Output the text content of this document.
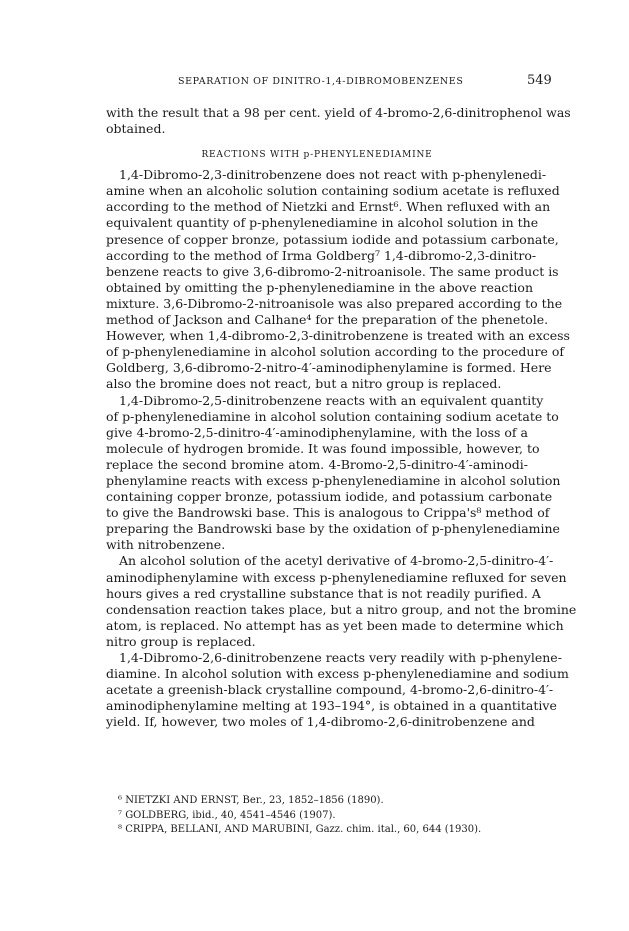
SEPARATION OF DINITRO-1,4-DIBROMOBENZENES	549
with the result that a 98 per cent. yield of 4-bromo-2,6-dinitrophenol was
obtained.
REACTIONS WITH p-PHENYLENEDIAMINE
1,4-Dibromo-2,3-dinitrobenzene does not react with p-phenylenedi-
amine when an alcoholic solution containing sodium acetate is refluxed
according to the method of Nietzki and Ernst⁶. When refluxed with an
equivalent quantity of p-phenylenediamine in alcohol solution in the
presence of copper bronze, potassium iodide and potassium carbonate,
according to the method of Irma Goldberg⁷ 1,4-dibromo-2,3-dinitro-
benzene reacts to give 3,6-dibromo-2-nitroanisole. The same product is
obtained by omitting the p-phenylenediamine in the above reaction
mixture. 3,6-Dibromo-2-nitroanisole was also prepared according to the
method of Jackson and Calhane⁴ for the preparation of the phenetole.
However, when 1,4-dibromo-2,3-dinitrobenzene is treated with an excess
of p-phenylenediamine in alcohol solution according to the procedure of
Goldberg, 3,6-dibromo-2-nitro-4′-aminodiphenylamine is formed. Here
also the bromine does not react, but a nitro group is replaced.
1,4-Dibromo-2,5-dinitrobenzene reacts with an equivalent quantity
of p-phenylenediamine in alcohol solution containing sodium acetate to
give 4-bromo-2,5-dinitro-4′-aminodiphenylamine, with the loss of a
molecule of hydrogen bromide. It was found impossible, however, to
replace the second bromine atom. 4-Bromo-2,5-dinitro-4′-aminodi-
phenylamine reacts with excess p-phenylenediamine in alcohol solution
containing copper bronze, potassium iodide, and potassium carbonate
to give the Bandrowski base. This is analogous to Crippa's⁸ method of
preparing the Bandrowski base by the oxidation of p-phenylenediamine
with nitrobenzene.
An alcohol solution of the acetyl derivative of 4-bromo-2,5-dinitro-4′-
aminodiphenylamine with excess p-phenylenediamine refluxed for seven
hours gives a red crystalline substance that is not readily purified. A
condensation reaction takes place, but a nitro group, and not the bromine
atom, is replaced. No attempt has as yet been made to determine which
nitro group is replaced.
1,4-Dibromo-2,6-dinitrobenzene reacts very readily with p-phenylene-
diamine. In alcohol solution with excess p-phenylenediamine and sodium
acetate a greenish-black crystalline compound, 4-bromo-2,6-dinitro-4′-
aminodiphenylamine melting at 193–194°, is obtained in a quantitative
yield. If, however, two moles of 1,4-dibromo-2,6-dinitrobenzene and
⁶ NIETZKI AND ERNST, Ber., 23, 1852–1856 (1890).
⁷ GOLDBERG, ibid., 40, 4541–4546 (1907).
⁸ CRIPPA, BELLANI, AND MARUBINI, Gazz. chim. ital., 60, 644 (1930).
